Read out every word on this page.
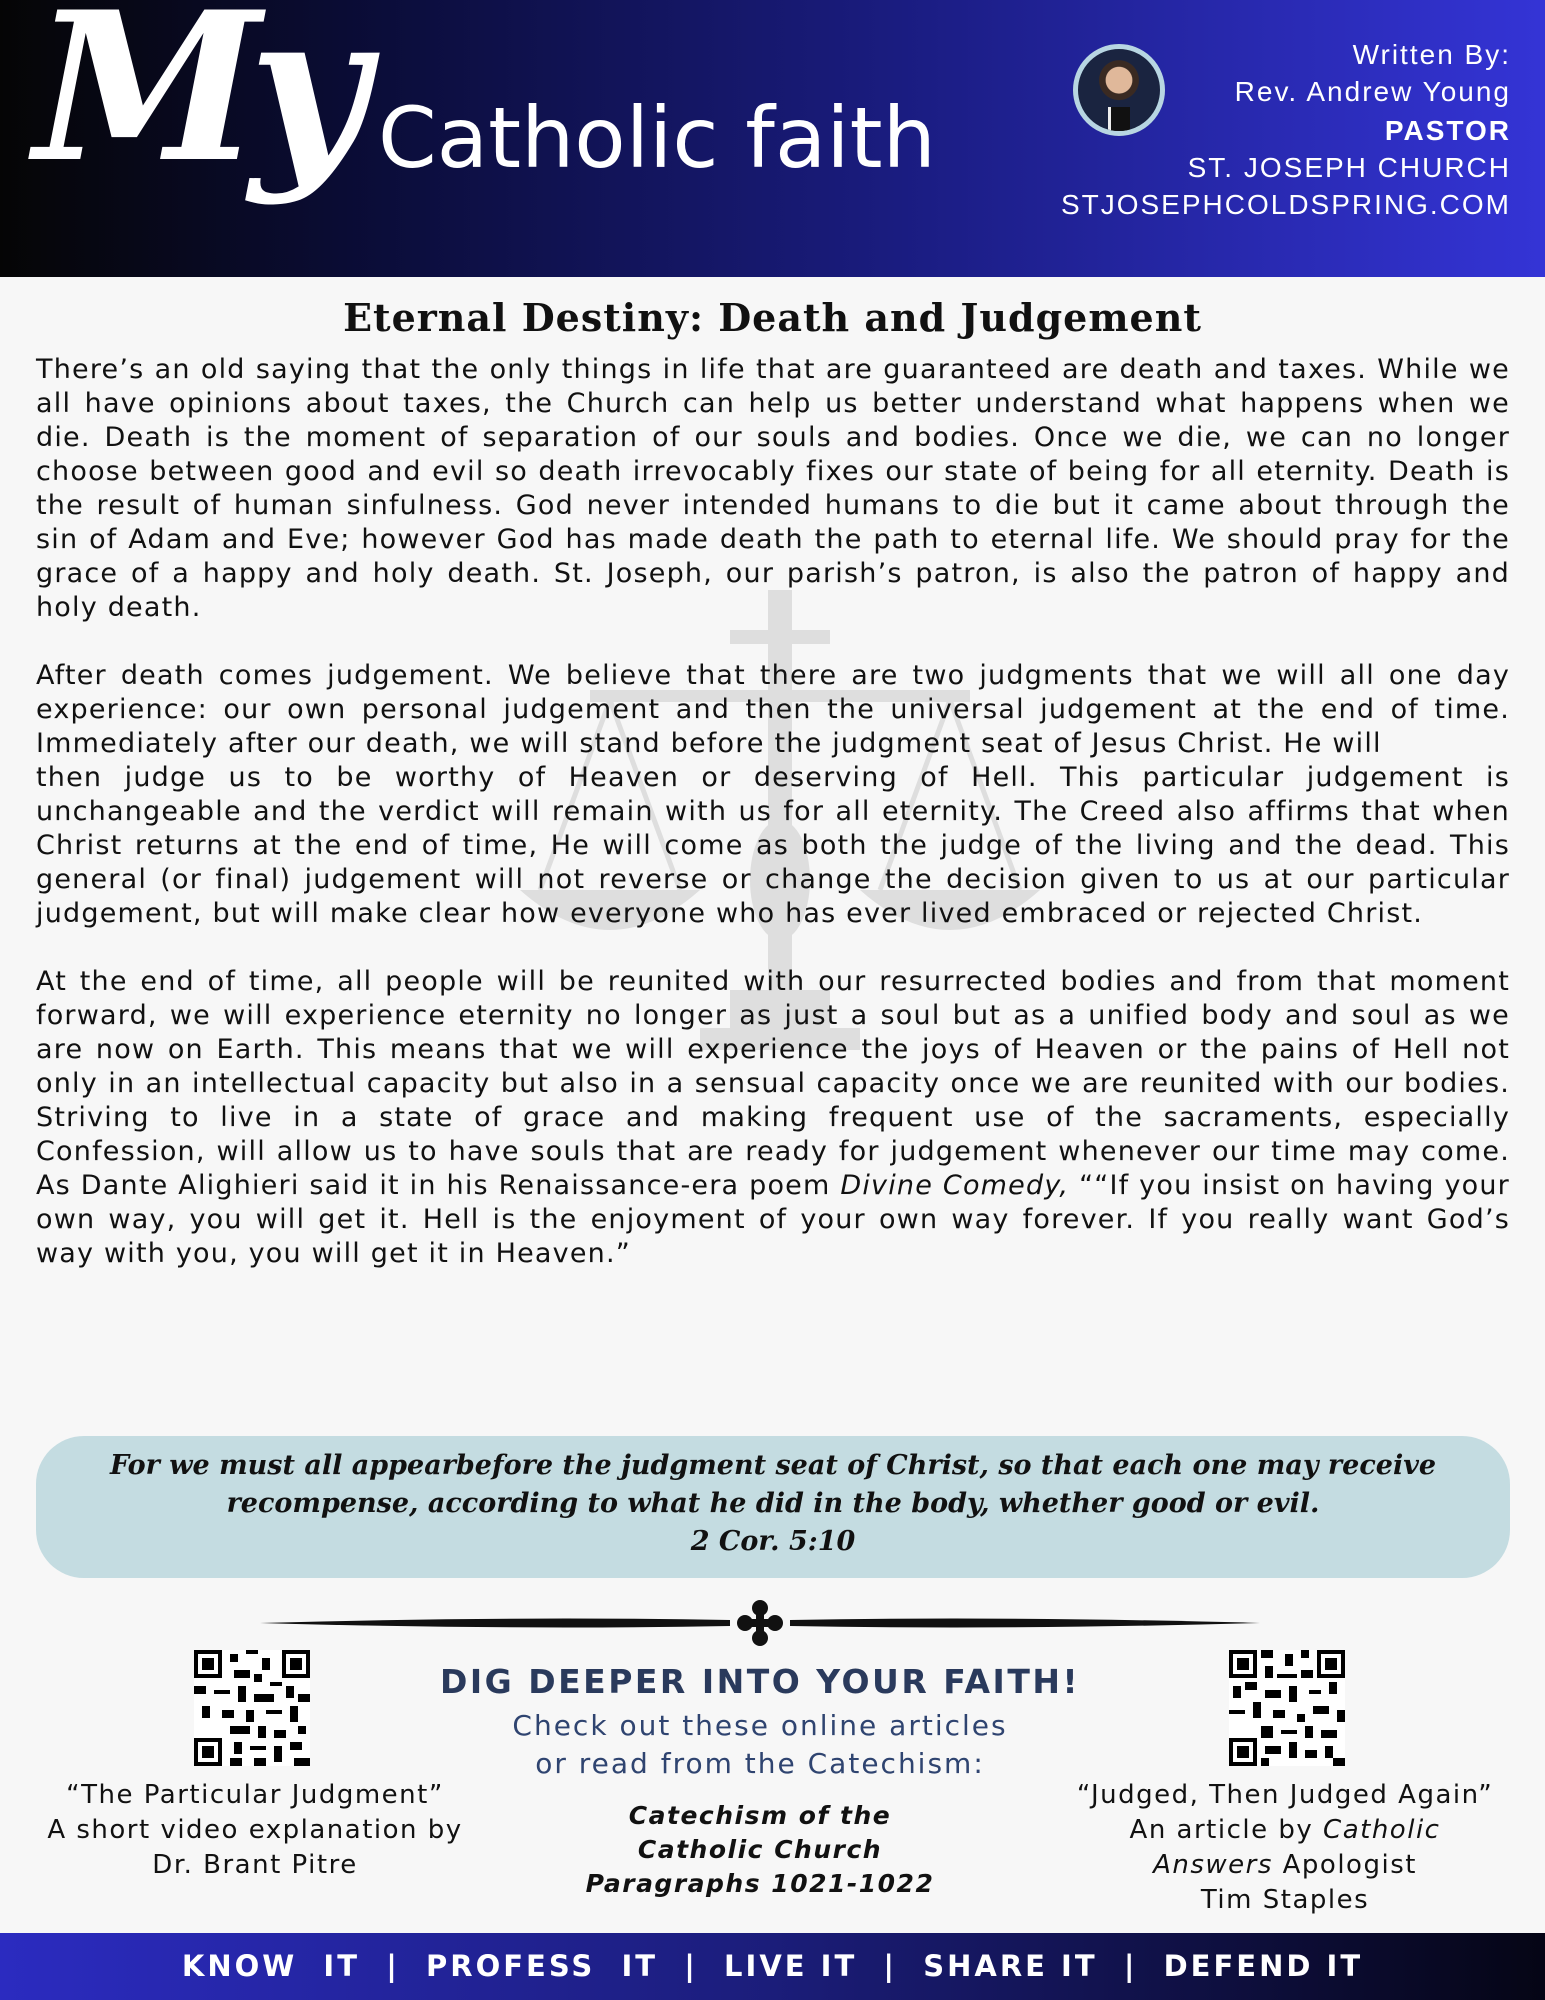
My Catholic faith
Written By:
Rev. Andrew Young
PASTOR
ST. JOSEPH CHURCH
STJOSEPHCOLDSPRING.COM
Eternal Destiny: Death and Judgement

There’s an old saying that the only things in life that are guaranteed are death and taxes. While we all have opinions about taxes, the Church can help us better understand what happens when we die. Death is the moment of separation of our souls and bodies. Once we die, we can no longer choose between good and evil so death irrevocably fixes our state of being for all eternity. Death is the result of human sinfulness. God never intended humans to die but it came about through the sin of Adam and Eve; however God has made death the path to eternal life. We should pray for the grace of a happy and holy death. St. Joseph, our parish’s patron, is also the patron of happy and holy death.

After death comes judgement. We believe that there are two judgments that we will all one day experience: our own personal judgement and then the universal judgement at the end of time. Immediately after our death, we will stand before the judgment seat of Jesus Christ. He will
then judge us to be worthy of Heaven or deserving of Hell. This particular judgement is unchangeable and the verdict will remain with us for all eternity. The Creed also affirms that when Christ returns at the end of time, He will come as both the judge of the living and the dead. This general (or final) judgement will not reverse or change the decision given to us at our particular judgement, but will make clear how everyone who has ever lived embraced or rejected Christ.

At the end of time, all people will be reunited with our resurrected bodies and from that moment forward, we will experience eternity no longer as just a soul but as a unified body and soul as we are now on Earth. This means that we will experience the joys of Heaven or the pains of Hell not only in an intellectual capacity but also in a sensual capacity once we are reunited with our bodies. Striving to live in a state of grace and making frequent use of the sacraments, especially Confession, will allow us to have souls that are ready for judgement whenever our time may come. As Dante Alighieri said it in his Renaissance-era poem Divine Comedy, ““If you insist on having your own way, you will get it. Hell is the enjoyment of your own way forever. If you really want God’s way with you, you will get it in Heaven.”

For we must all appearbefore the judgment seat of Christ, so that each one may receive
recompense, according to what he did in the body, whether good or evil.
2 Cor. 5:10
“The Particular Judgment”
A short video explanation by
Dr. Brant Pitre
DIG DEEPER INTO YOUR FAITH!
Check out these online articles
or read from the Catechism:
Catechism of the
Catholic Church
Paragraphs 1021-1022
“Judged, Then Judged Again”
An article by Catholic
Answers Apologist
Tim Staples
KNOW  IT  |  PROFESS  IT  |  LIVE IT  |  SHARE IT  |  DEFEND IT
